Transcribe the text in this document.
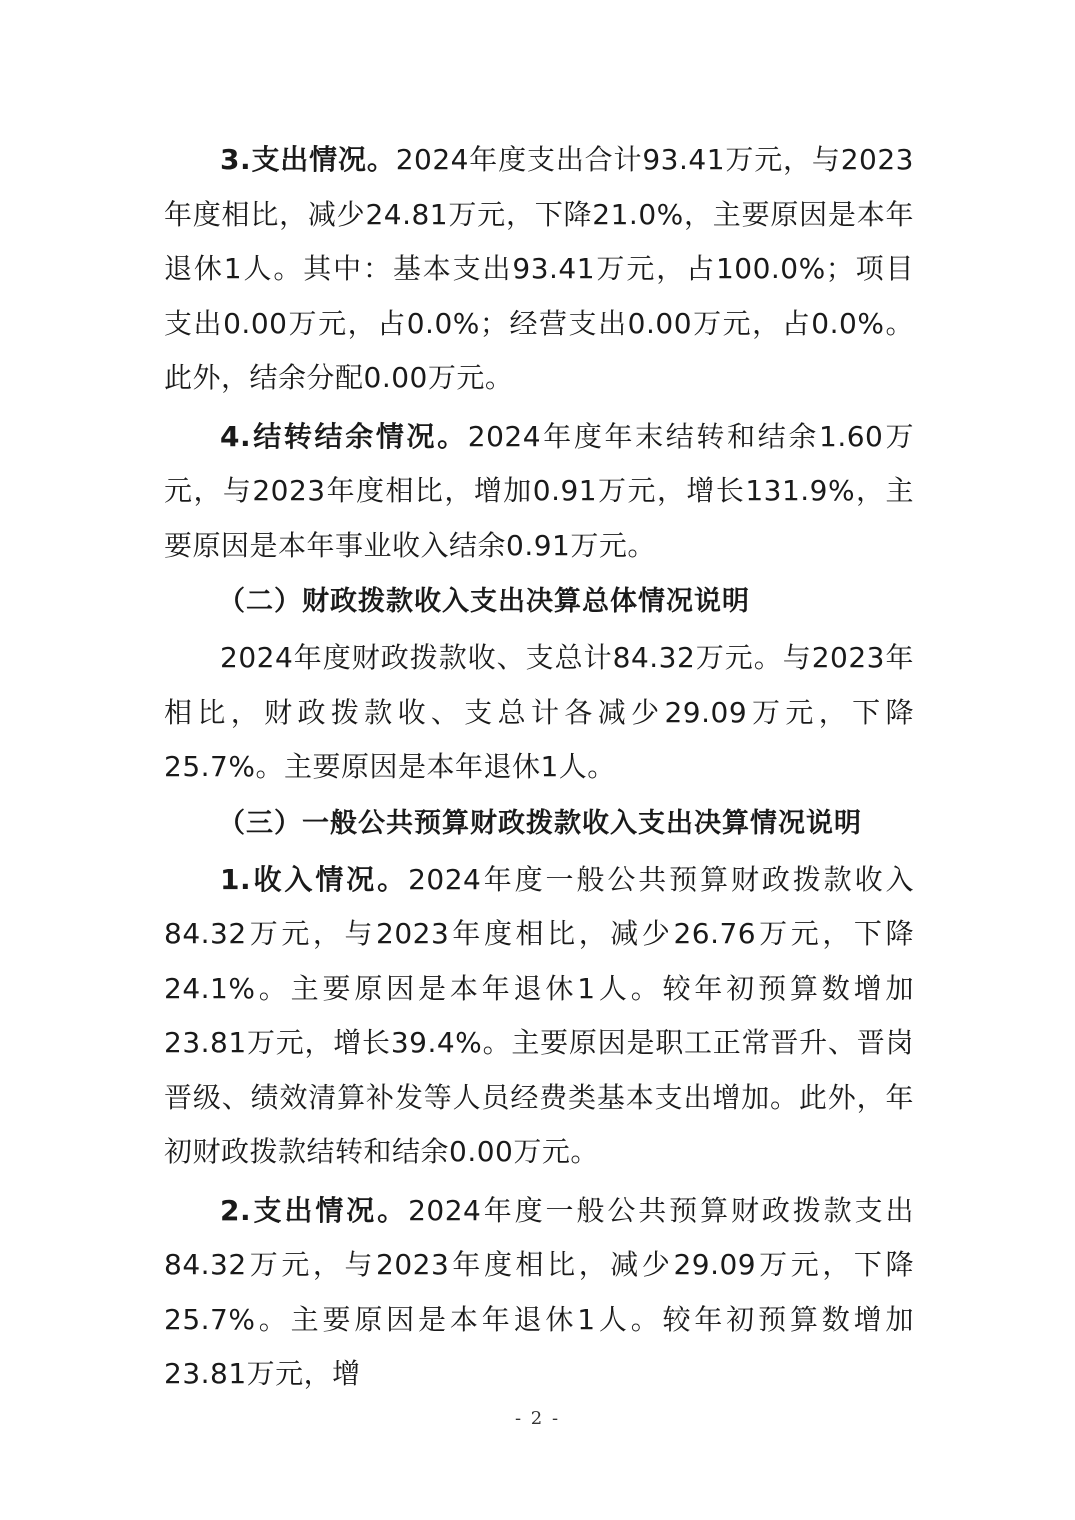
3.支出情况。2024年度支出合计93.41万元，与2023年度相比，减少24.81万元，下降21.0%，主要原因是本年退休1人。其中：基本支出93.41万元，占100.0%；项目支出0.00万元，占0.0%；经营支出0.00万元，占0.0%。此外，结余分配0.00万元。

4.结转结余情况。2024年度年末结转和结余1.60万元，与2023年度相比，增加0.91万元，增长131.9%，主要原因是本年事业收入结余0.91万元。

（二）财政拨款收入支出决算总体情况说明

2024年度财政拨款收、支总计84.32万元。与2023年相比，财政拨款收、支总计各减少29.09万元，下降25.7%。主要原因是本年退休1人。

（三）一般公共预算财政拨款收入支出决算情况说明

1.收入情况。2024年度一般公共预算财政拨款收入84.32万元，与2023年度相比，减少26.76万元，下降24.1%。主要原因是本年退休1人。较年初预算数增加23.81万元，增长39.4%。主要原因是职工正常晋升、晋岗晋级、绩效清算补发等人员经费类基本支出增加。此外，年初财政拨款结转和结余0.00万元。

2.支出情况。2024年度一般公共预算财政拨款支出84.32万元，与2023年度相比，减少29.09万元，下降25.7%。主要原因是本年退休1人。较年初预算数增加23.81万元，增

- 2 -
